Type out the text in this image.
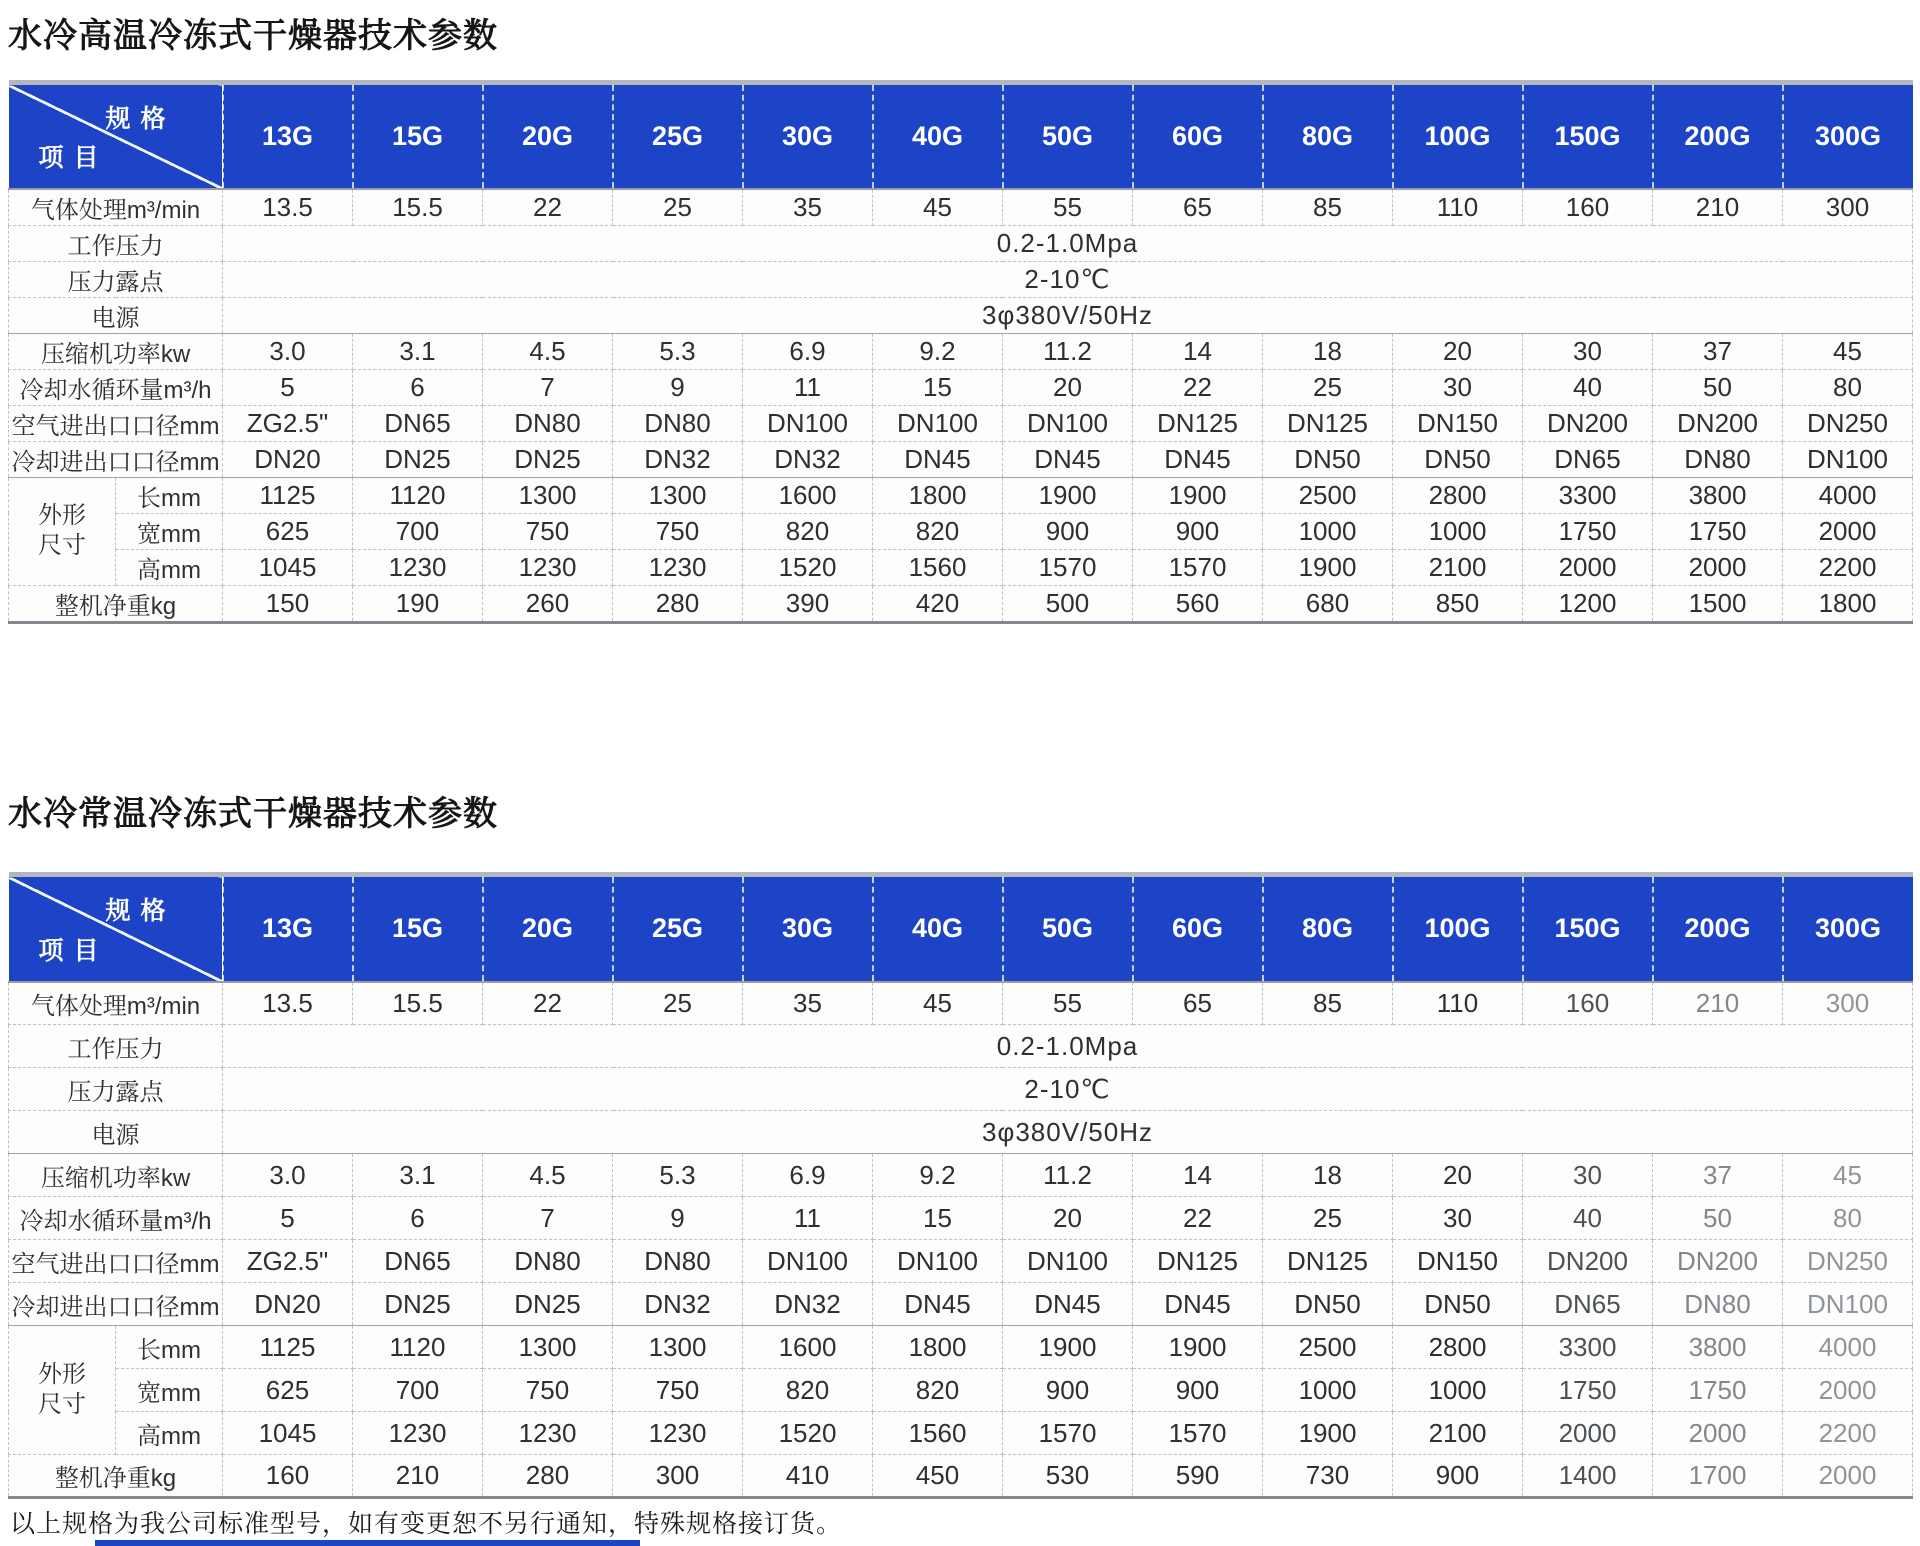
水冷高温冷冻式干燥器技术参数
规格
项目		13G	15G	20G	25G	30G	40G	50G	60G	80G	100G	150G	200G	300G
气体处理m³/min		13.5	15.5	22	25	35	45	55	65	85	110	160	210	300
工作压力		0.2-1.0Mpa												
压力露点		2-10℃												
电源		3φ380V/50Hz												
压缩机功率kw		3.0	3.1	4.5	5.3	6.9	9.2	11.2	14	18	20	30	37	45
冷却水循环量m³/h		5	6	7	9	11	15	20	22	25	30	40	50	80
空气进出口口径mm		ZG2.5"	DN65	DN80	DN80	DN100	DN100	DN100	DN125	DN125	DN150	DN200	DN200	DN250
冷却进出口口径mm		DN20	DN25	DN25	DN32	DN32	DN45	DN45	DN45	DN50	DN50	DN65	DN80	DN100

外形
尺寸	长mm	1125	1120	1300	1300	1600	1800	1900	1900	2500	2800	3300	3800	4000
	宽mm	625	700	750	750	820	820	900	900	1000	1000	1750	1750	2000
	高mm	1045	1230	1230	1230	1520	1560	1570	1570	1900	2100	2000	2000	2200
整机净重kg		150	190	260	280	390	420	500	560	680	850	1200	1500	1800
水冷常温冷冻式干燥器技术参数
规格
项目		13G	15G	20G	25G	30G	40G	50G	60G	80G	100G	150G	200G	300G
气体处理m³/min		13.5	15.5	22	25	35	45	55	65	85	110	160	210	300
工作压力		0.2-1.0Mpa												
压力露点		2-10℃												
电源		3φ380V/50Hz												
压缩机功率kw		3.0	3.1	4.5	5.3	6.9	9.2	11.2	14	18	20	30	37	45
冷却水循环量m³/h		5	6	7	9	11	15	20	22	25	30	40	50	80
空气进出口口径mm		ZG2.5"	DN65	DN80	DN80	DN100	DN100	DN100	DN125	DN125	DN150	DN200	DN200	DN250
冷却进出口口径mm		DN20	DN25	DN25	DN32	DN32	DN45	DN45	DN45	DN50	DN50	DN65	DN80	DN100

外形
尺寸	长mm	1125	1120	1300	1300	1600	1800	1900	1900	2500	2800	3300	3800	4000
	宽mm	625	700	750	750	820	820	900	900	1000	1000	1750	1750	2000
	高mm	1045	1230	1230	1230	1520	1560	1570	1570	1900	2100	2000	2000	2200
整机净重kg		160	210	280	300	410	450	530	590	730	900	1400	1700	2000
以上规格为我公司标准型号，如有变更恕不另行通知，特殊规格接订货。
